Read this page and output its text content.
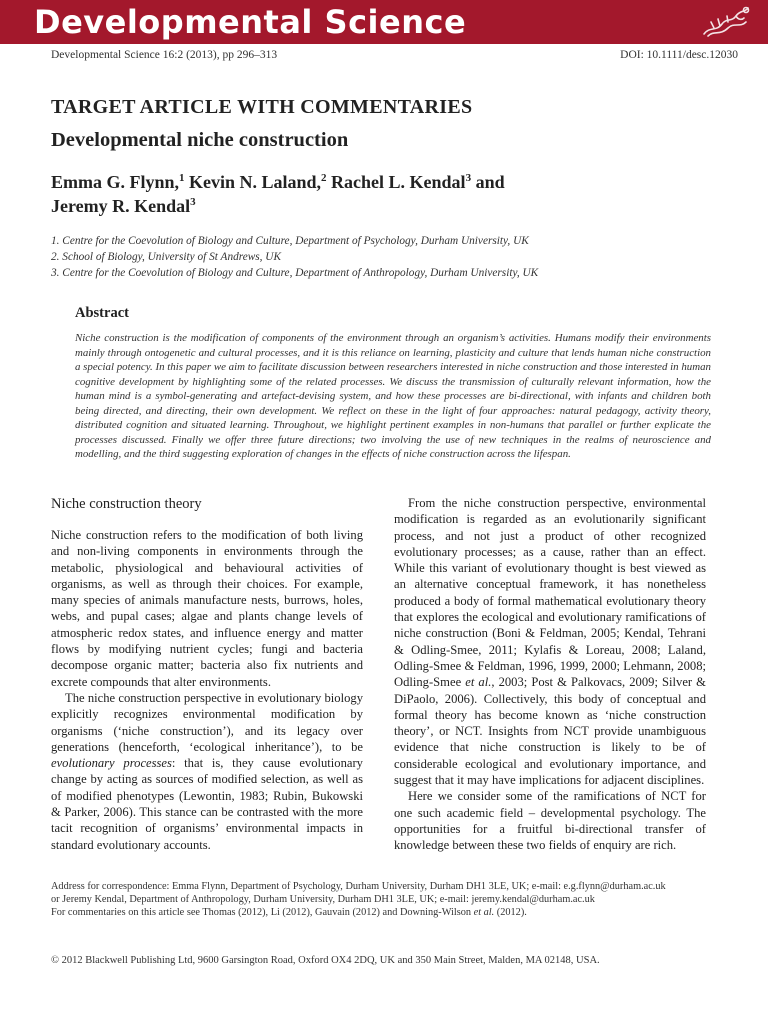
Developmental Science
Developmental Science 16:2 (2013), pp 296–313	DOI: 10.1111/desc.12030
TARGET ARTICLE WITH COMMENTARIES
Developmental niche construction
Emma G. Flynn,$^1$ Kevin N. Laland,$^2$ Rachel L. Kendal$^3$ and
Jeremy R. Kendal$^3$
1. Centre for the Coevolution of Biology and Culture, Department of Psychology, Durham University, UK
2. School of Biology, University of St Andrews, UK
3. Centre for the Coevolution of Biology and Culture, Department of Anthropology, Durham University, UK
Abstract
Niche construction is the modification of components of the environment through an organism’s activities. Humans modify their environments mainly through ontogenetic and cultural processes, and it is this reliance on learning, plasticity and culture that lends human niche construction a special potency. In this paper we aim to facilitate discussion between researchers interested in niche construction and those interested in human cognitive development by highlighting some of the related processes. We discuss the transmission of culturally relevant information, how the human mind is a symbol-generating and artefact-devising system, and how these processes are bi-directional, with infants and children both being directed, and directing, their own development. We reflect on these in the light of four approaches: natural pedagogy, activity theory, distributed cognition and situated learning. Throughout, we highlight pertinent examples in non-humans that parallel or further explicate the processes discussed. Finally we offer three future directions; two involving the use of new techniques in the realms of neuroscience and modelling, and the third suggesting exploration of changes in the effects of niche construction across the lifespan.
Niche construction theory

Niche construction refers to the modification of both living and non-living components in environments through the metabolic, physiological and behavioural activities of organisms, as well as through their choices. For example, many species of animals manufacture nests, burrows, holes, webs, and pupal cases; algae and plants change levels of atmospheric redox states, and influence energy and matter flows by modifying nutrient cycles; fungi and bacteria decompose organic matter; bacteria also fix nutrients and excrete compounds that alter environments.

The niche construction perspective in evolutionary biology explicitly recognizes environmental modification by organisms (‘niche construction’), and its legacy over generations (henceforth, ‘ecological inheritance’), to be evolutionary processes: that is, they cause evolutionary change by acting as sources of modified selection, as well as of modified phenotypes (Lewontin, 1983; Rubin, Bukowski & Parker, 2006). This stance can be contrasted with the more tacit recognition of organisms’ environmental impacts in standard evolutionary accounts.

From the niche construction perspective, environmental modification is regarded as an evolutionarily significant process, and not just a product of other recognized evolutionary processes; as a cause, rather than an effect. While this variant of evolutionary thought is best viewed as an alternative conceptual framework, it has nonetheless produced a body of formal mathematical evolutionary theory that explores the ecological and evolutionary ramifications of niche construction (Boni & Feldman, 2005; Kendal, Tehrani & Odling-Smee, 2011; Kylafis & Loreau, 2008; Laland, Odling-Smee & Feldman, 1996, 1999, 2000; Lehmann, 2008; Odling-Smee et al., 2003; Post & Palkovacs, 2009; Silver & DiPaolo, 2006). Collectively, this body of conceptual and formal theory has become known as ‘niche construction theory’, or NCT. Insights from NCT provide unambiguous evidence that niche construction is likely to be of considerable ecological and evolutionary importance, and suggest that it may have implications for adjacent disciplines.

Here we consider some of the ramifications of NCT for one such academic field – developmental psychology. The opportunities for a fruitful bi-directional transfer of knowledge between these two fields of enquiry are rich.

Address for correspondence: Emma Flynn, Department of Psychology, Durham University, Durham DH1 3LE, UK; e-mail: e.g.flynn@durham.ac.uk
or Jeremy Kendal, Department of Anthropology, Durham University, Durham DH1 3LE, UK; e-mail: jeremy.kendal@durham.ac.uk
For commentaries on this article see Thomas (2012), Li (2012), Gauvain (2012) and Downing-Wilson et al. (2012).
© 2012 Blackwell Publishing Ltd, 9600 Garsington Road, Oxford OX4 2DQ, UK and 350 Main Street, Malden, MA 02148, USA.
